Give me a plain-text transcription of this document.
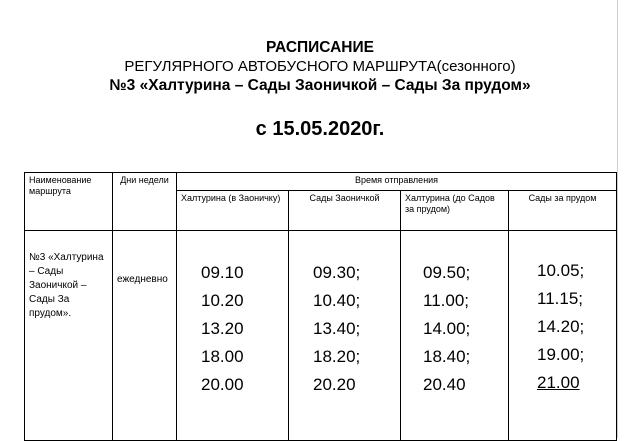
РАСПИСАНИЕ
РЕГУЛЯРНОГО АВТОБУСНОГО МАРШРУТА(сезонного)
№3 «Халтурина – Сады Заоничкой – Сады За прудом»
с 15.05.2020г.
Наименование маршрута	Дни недели	Время отправления			
		Халтурина (в Заоничку)	Сады Заоничкой	Халтурина (до Садов за прудом)	Сады за прудом
№3 «Халтурина – Сады Заоничкой – Сады За прудом».	ежедневно	09.10
10.20
13.20
18.00
20.00	09.30;
10.40;
13.40;
18.20;
20.20	09.50;
11.00;
14.00;
18.40;
20.40	10.05;
11.15;
14.20;
19.00;
21.00
